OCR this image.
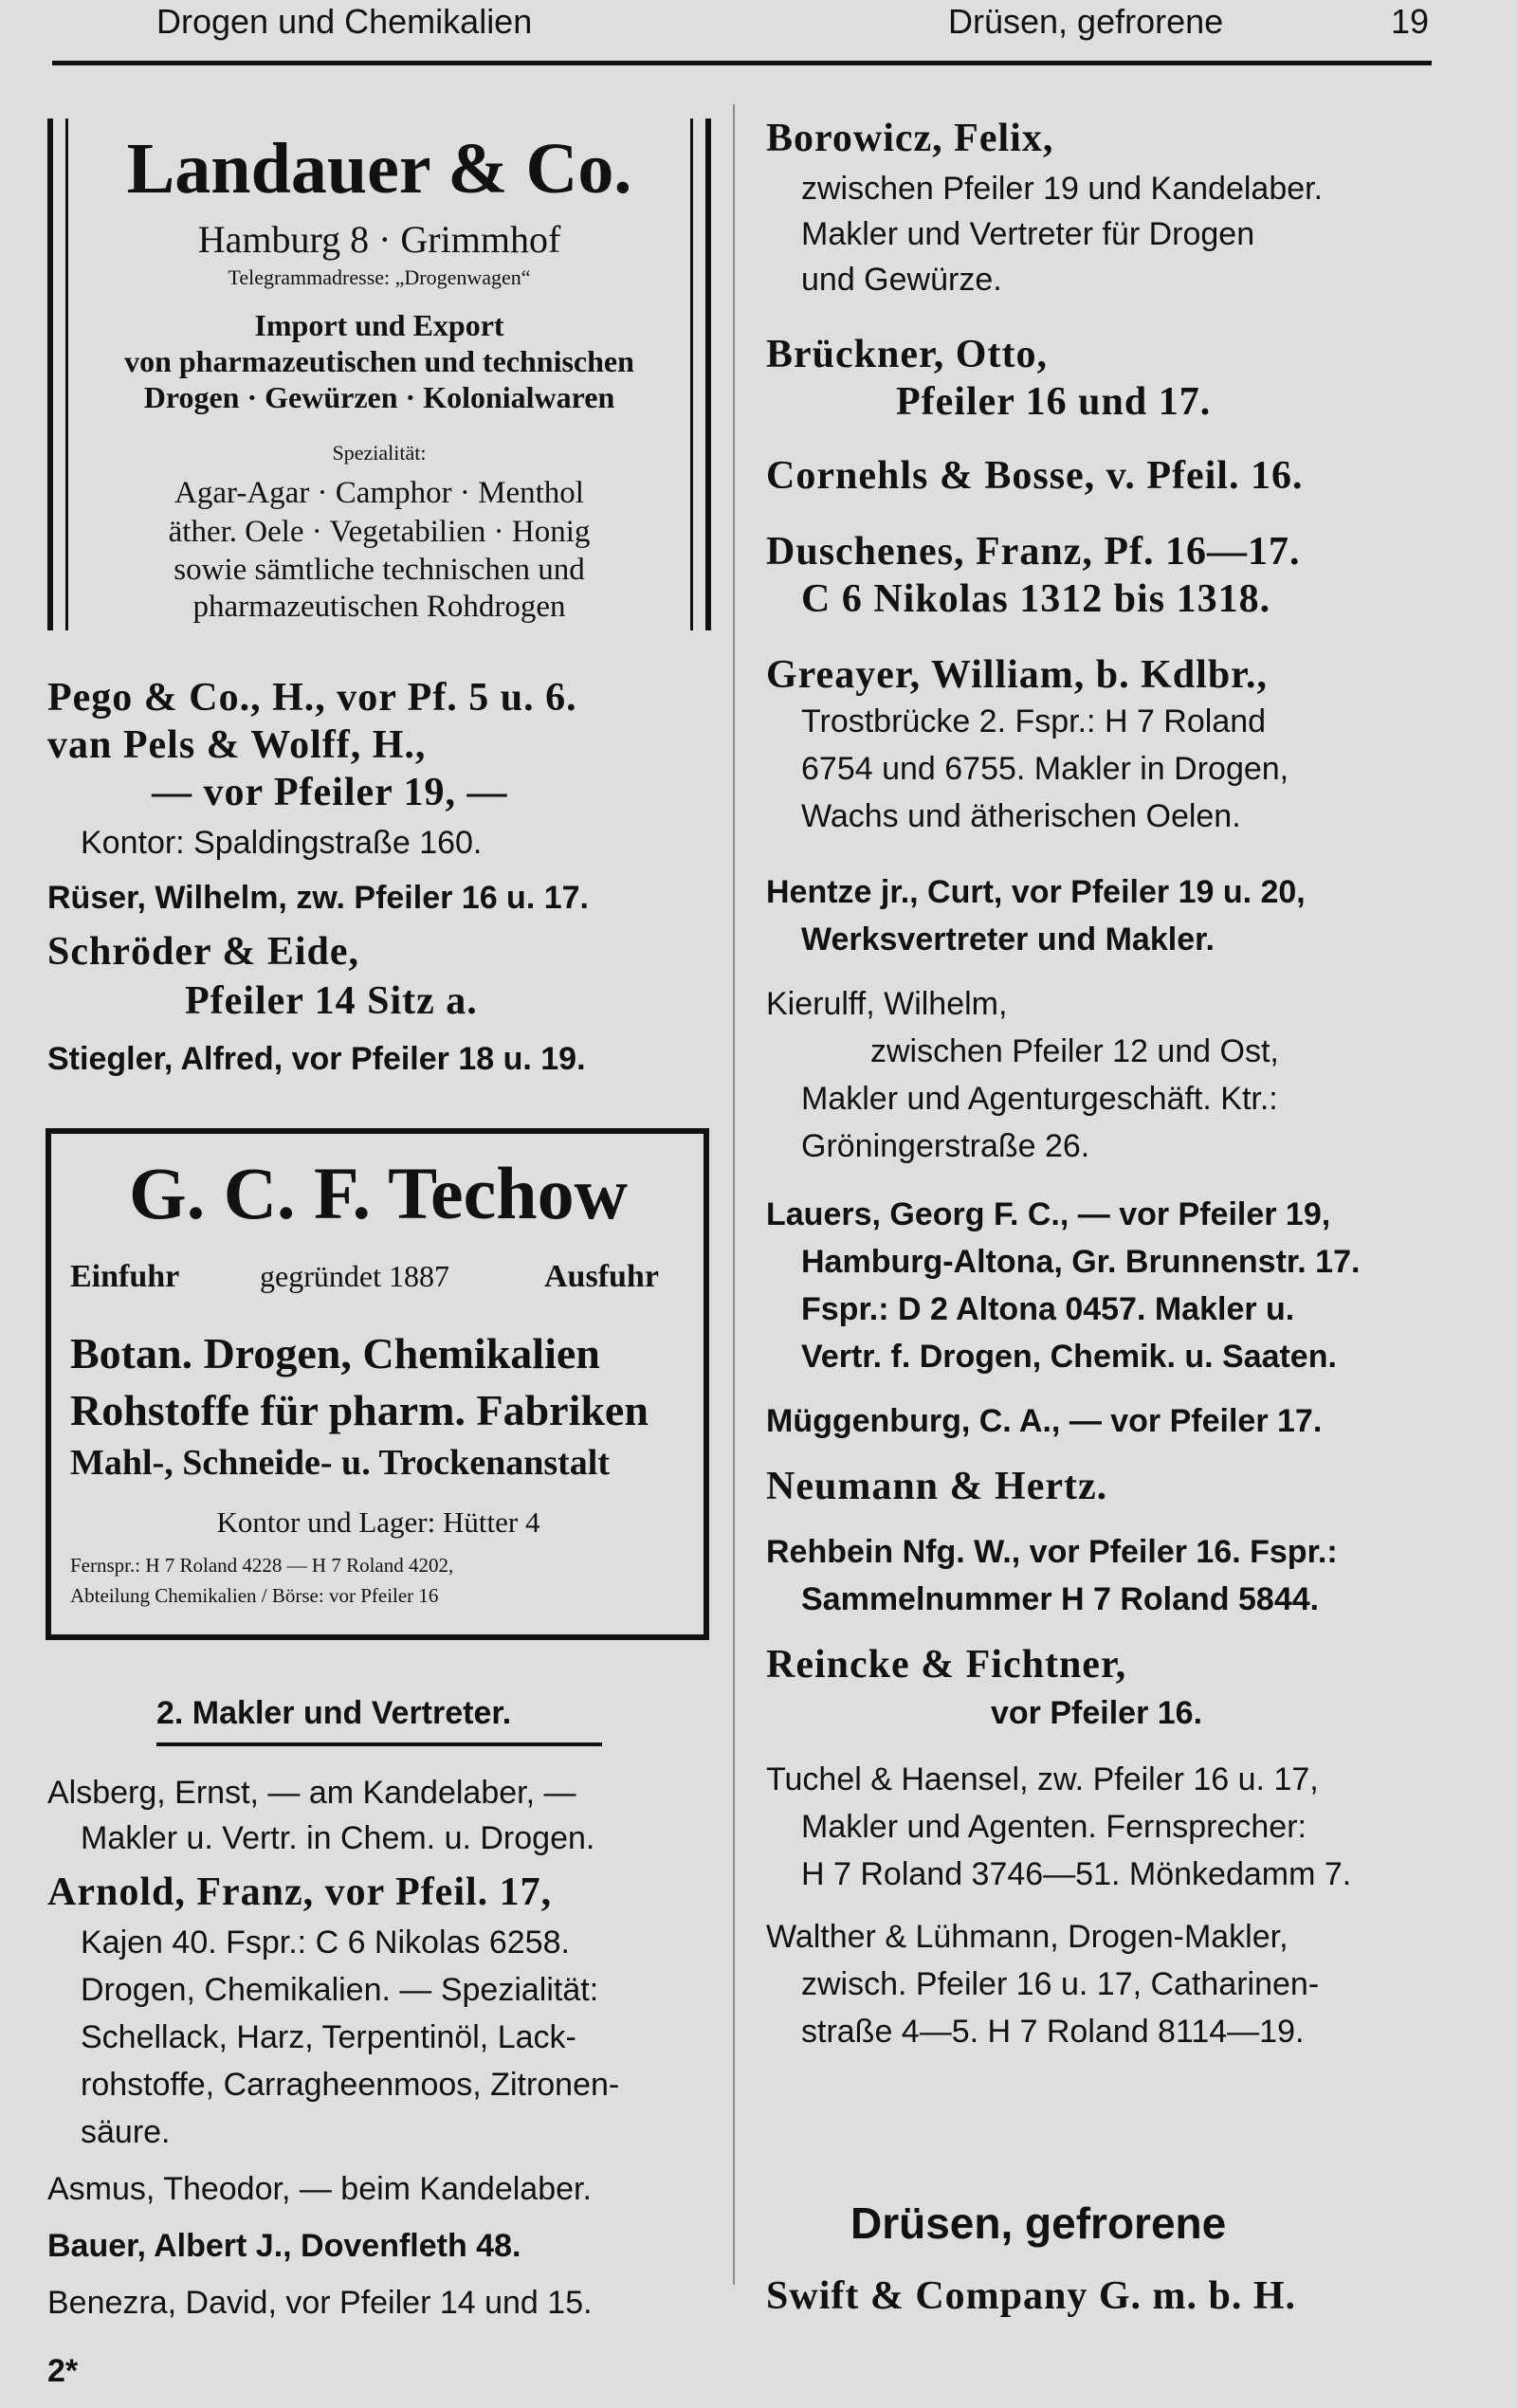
Drogen und Chemikalien	Drüsen, gefrorene	19
Landauer & Co.
Hamburg 8 · Grimmhof
Telegrammadresse: „Drogenwagen“
Import und Export
von pharmazeutischen und technischen
Drogen · Gewürzen · Kolonialwaren
Spezialität:
Agar-Agar · Camphor · Menthol
äther. Oele · Vegetabilien · Honig
sowie sämtliche technischen und
pharmazeutischen Rohdrogen
Pego & Co., H., vor Pf. 5 u. 6.
van Pels & Wolff, H.,
— vor Pfeiler 19, —
Kontor: Spaldingstraße 160.
Rüser, Wilhelm, zw. Pfeiler 16 u. 17.
Schröder & Eide,
Pfeiler 14 Sitz a.
Stiegler, Alfred, vor Pfeiler 18 u. 19.
G. C. F. Techow
Einfuhr	gegründet 1887	Ausfuhr
Botan. Drogen, Chemikalien
Rohstoffe für pharm. Fabriken
Mahl-, Schneide- u. Trockenanstalt
Kontor und Lager: Hütter 4
Fernspr.: H 7 Roland 4228 — H 7 Roland 4202,
Abteilung Chemikalien / Börse: vor Pfeiler 16
2. Makler und Vertreter.
Alsberg, Ernst, — am Kandelaber, —
Makler u. Vertr. in Chem. u. Drogen.
Arnold, Franz, vor Pfeil. 17,
Kajen 40. Fspr.: C 6 Nikolas 6258.
Drogen, Chemikalien. — Spezialität:
Schellack, Harz, Terpentinöl, Lack-
rohstoffe, Carragheenmoos, Zitronen-
säure.
Asmus, Theodor, — beim Kandelaber.
Bauer, Albert J., Dovenfleth 48.
Benezra, David, vor Pfeiler 14 und 15.
2*
Borowicz, Felix,
zwischen Pfeiler 19 und Kandelaber.
Makler und Vertreter für Drogen
und Gewürze.
Brückner, Otto,
Pfeiler 16 und 17.
Cornehls & Bosse, v. Pfeil. 16.
Duschenes, Franz, Pf. 16—17.
C 6 Nikolas 1312 bis 1318.
Greayer, William, b. Kdlbr.,
Trostbrücke 2. Fspr.: H 7 Roland
6754 und 6755. Makler in Drogen,
Wachs und ätherischen Oelen.
Hentze jr., Curt, vor Pfeiler 19 u. 20,
Werksvertreter und Makler.
Kierulff, Wilhelm,
zwischen Pfeiler 12 und Ost,
Makler und Agenturgeschäft. Ktr.:
Gröningerstraße 26.
Lauers, Georg F. C., — vor Pfeiler 19,
Hamburg-Altona, Gr. Brunnenstr. 17.
Fspr.: D 2 Altona 0457. Makler u.
Vertr. f. Drogen, Chemik. u. Saaten.
Müggenburg, C. A., — vor Pfeiler 17.
Neumann & Hertz.
Rehbein Nfg. W., vor Pfeiler 16. Fspr.:
Sammelnummer H 7 Roland 5844.
Reincke & Fichtner,
vor Pfeiler 16.
Tuchel & Haensel, zw. Pfeiler 16 u. 17,
Makler und Agenten. Fernsprecher:
H 7 Roland 3746—51. Mönkedamm 7.
Walther & Lühmann, Drogen-Makler,
zwisch. Pfeiler 16 u. 17, Catharinen-
straße 4—5. H 7 Roland 8114—19.
Drüsen, gefrorene
Swift & Company G. m. b. H.
